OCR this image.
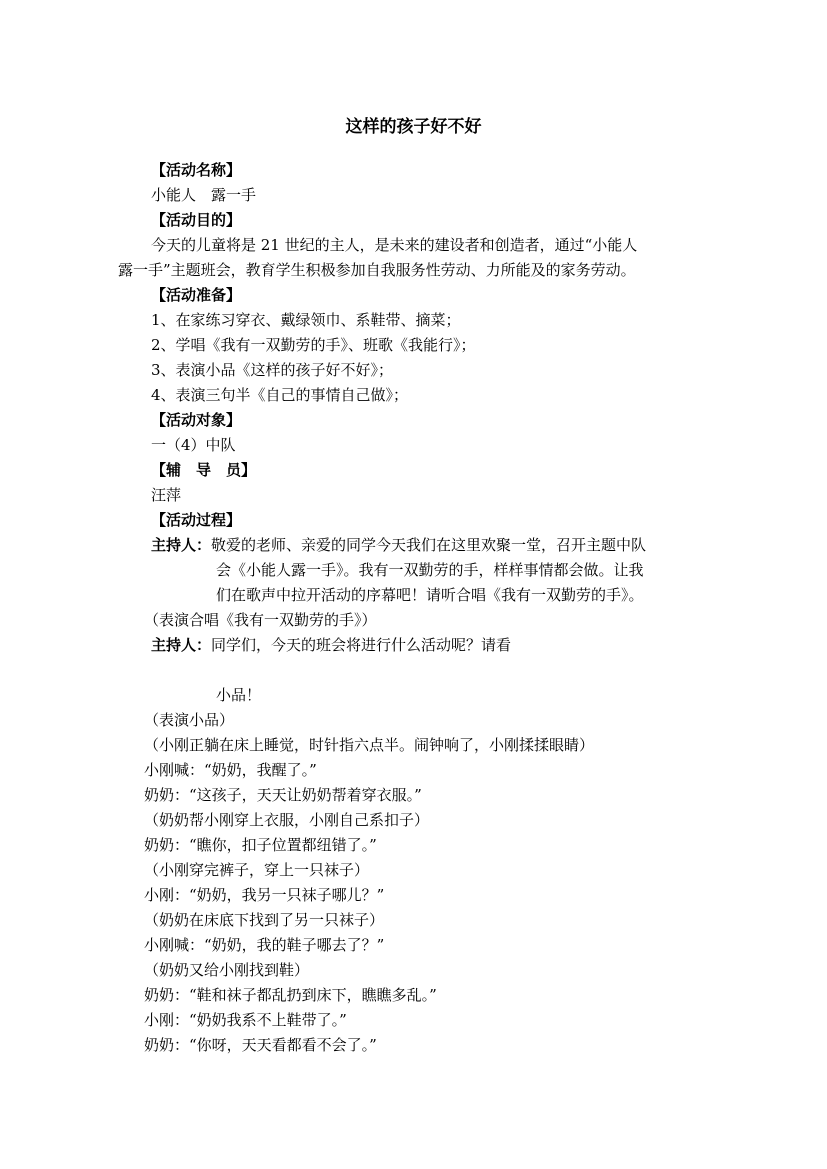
这样的孩子好不好
【活动名称】
小能人　露一手
【活动目的】
今天的儿童将是 21 世纪的主人，是未来的建设者和创造者，通过“小能人
露一手”主题班会，教育学生积极参加自我服务性劳动、力所能及的家务劳动。
【活动准备】
1、在家练习穿衣、戴绿领巾、系鞋带、摘菜；
2、学唱《我有一双勤劳的手》、班歌《我能行》；
3、表演小品《这样的孩子好不好》；
4、表演三句半《自己的事情自己做》；
【活动对象】
一（4）中队
【辅　导　员】
汪萍
【活动过程】
主持人：敬爱的老师、亲爱的同学今天我们在这里欢聚一堂，召开主题中队
会《小能人露一手》。我有一双勤劳的手，样样事情都会做。让我
们在歌声中拉开活动的序幕吧！请听合唱《我有一双勤劳的手》。
（表演合唱《我有一双勤劳的手》）
主持人：同学们，今天的班会将进行什么活动呢？请看
小品！
（表演小品）
（小刚正躺在床上睡觉，时针指六点半。闹钟响了，小刚揉揉眼睛）
小刚喊：“奶奶，我醒了。”
奶奶：“这孩子，天天让奶奶帮着穿衣服。”
（奶奶帮小刚穿上衣服，小刚自己系扣子）
奶奶：“瞧你，扣子位置都纽错了。”
（小刚穿完裤子，穿上一只袜子）
小刚：“奶奶，我另一只袜子哪儿？”
（奶奶在床底下找到了另一只袜子）
小刚喊：“奶奶，我的鞋子哪去了？”
（奶奶又给小刚找到鞋）
奶奶：“鞋和袜子都乱扔到床下，瞧瞧多乱。”
小刚：“奶奶我系不上鞋带了。”
奶奶：“你呀，天天看都看不会了。”
